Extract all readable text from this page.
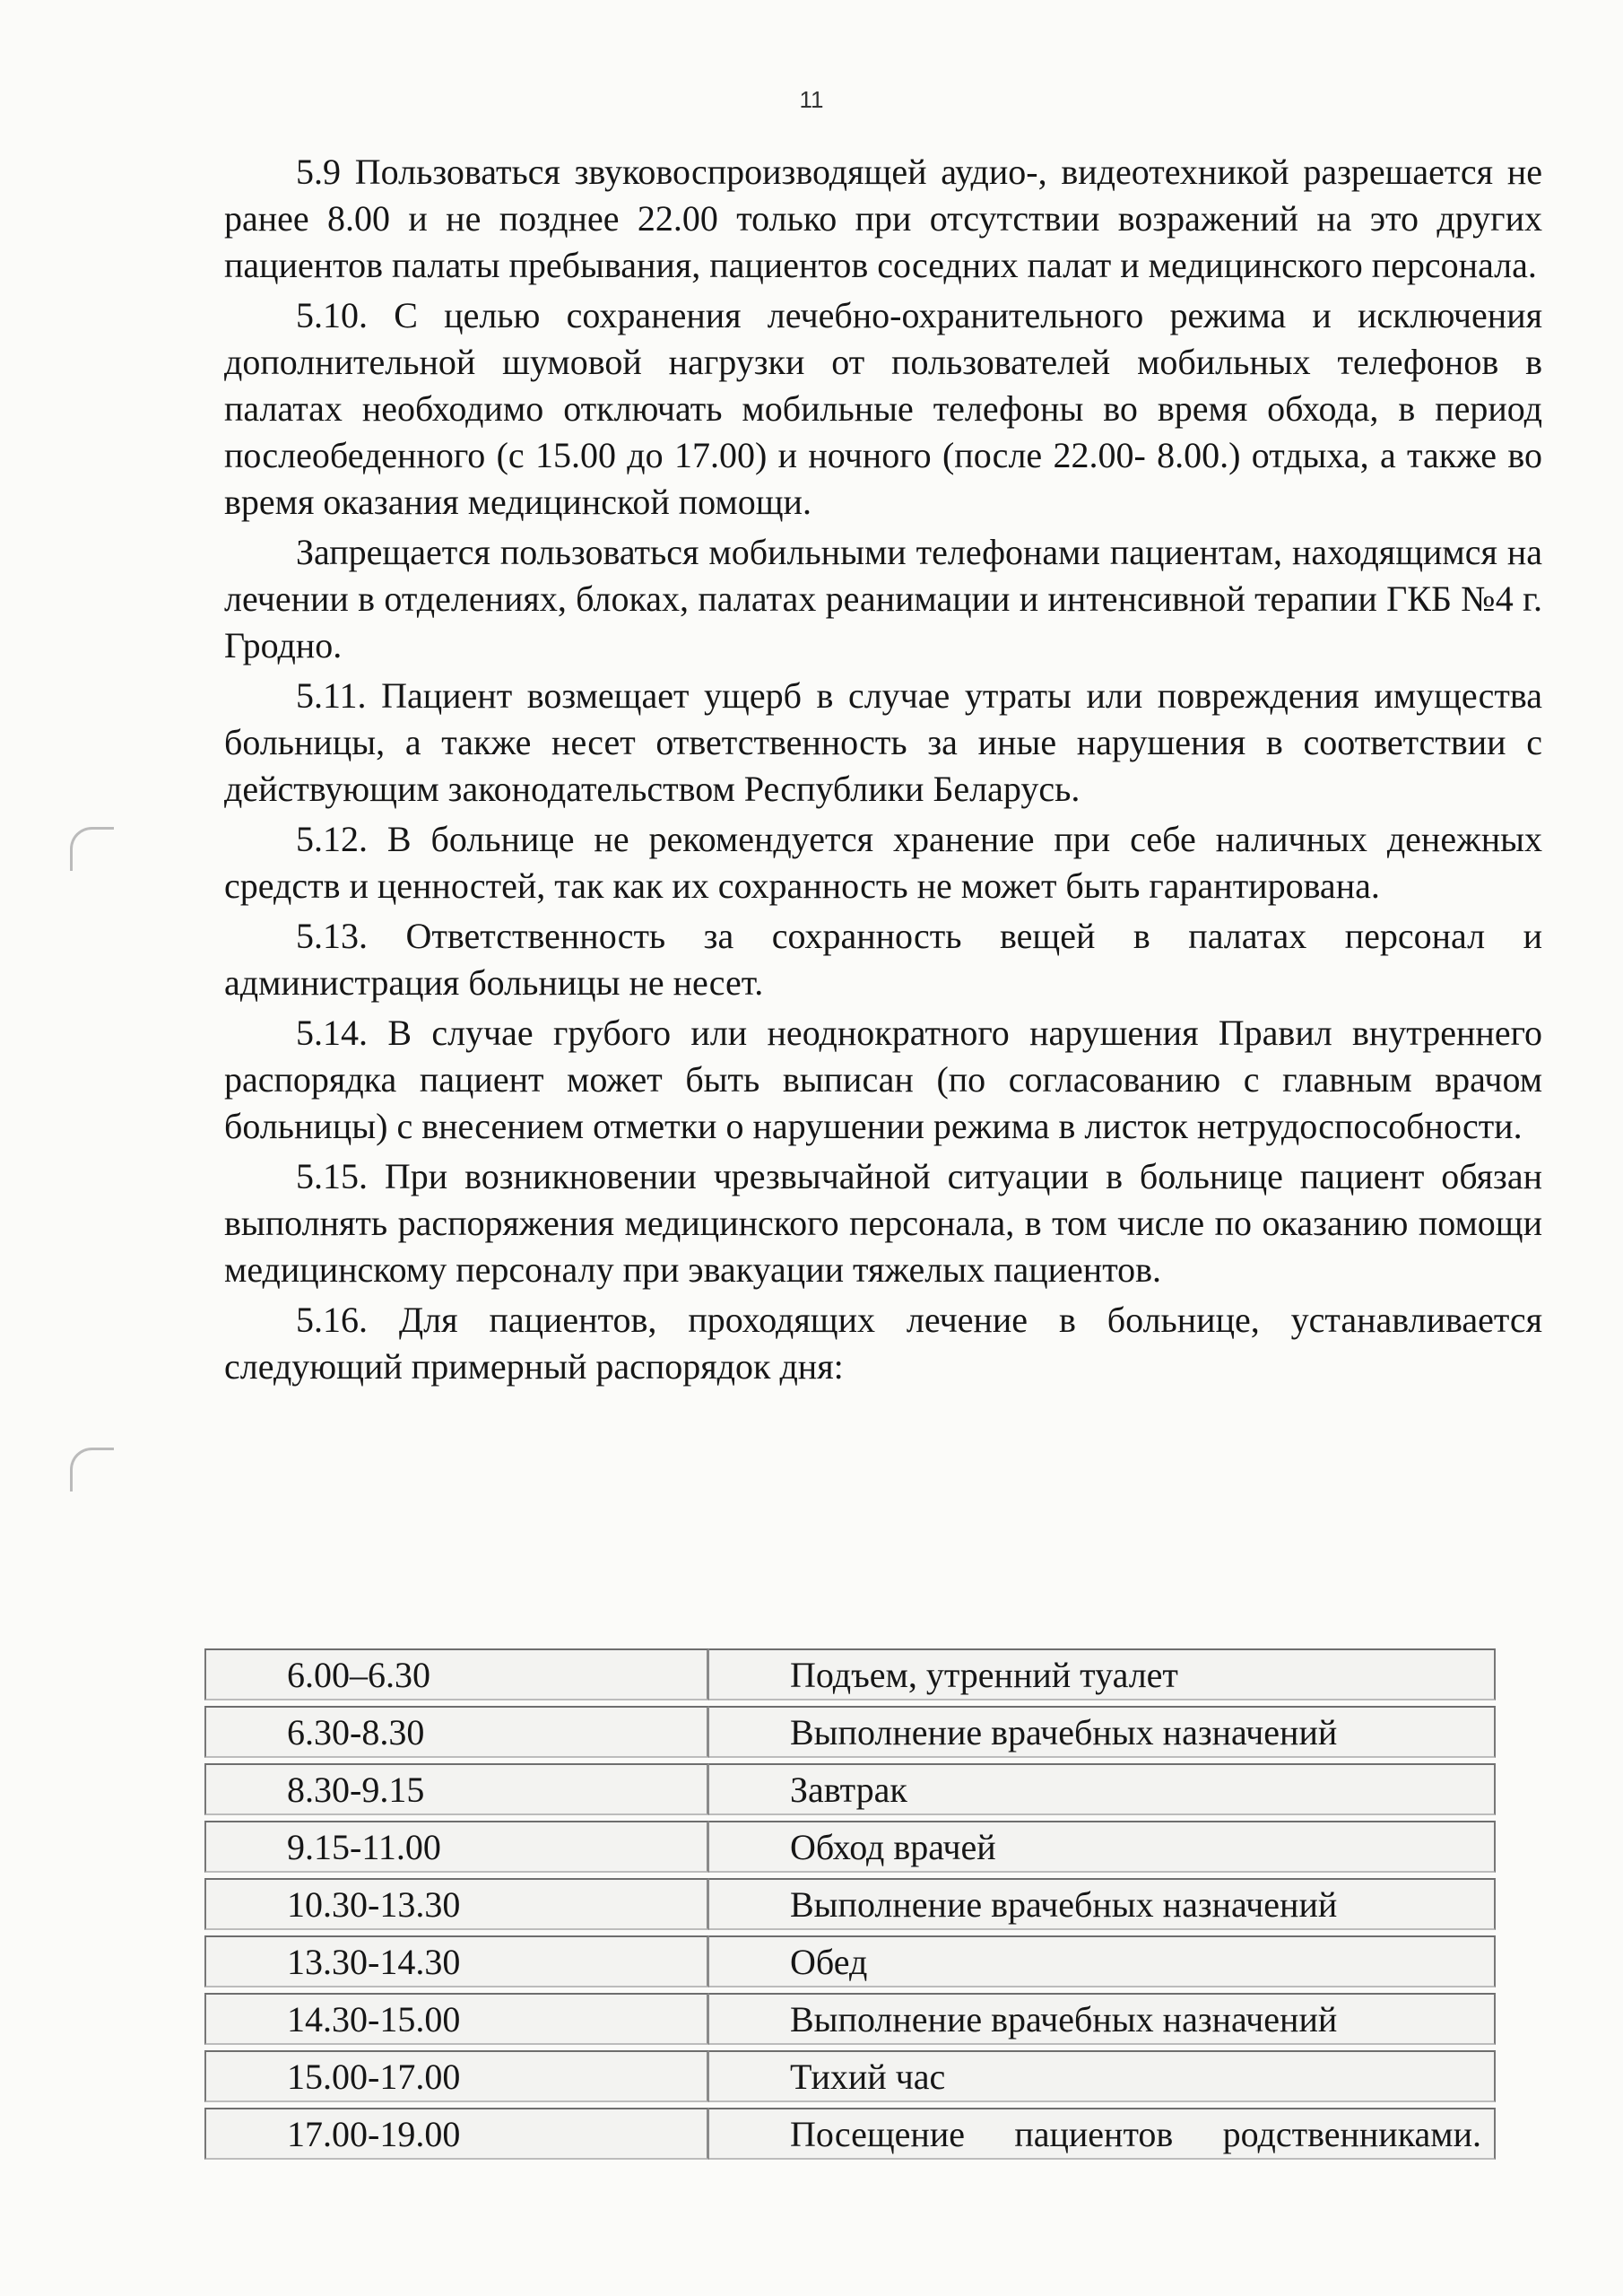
11

5.9 Пользоваться звуковоспроизводящей аудио-, видеотехникой разрешается не ранее 8.00 и не позднее 22.00 только при отсутствии возражений на это других пациентов палаты пребывания, пациентов соседних палат и медицинского персонала.

5.10. С целью сохранения лечебно-охранительного режима и исключения дополнительной шумовой нагрузки от пользователей мобильных телефонов в палатах необходимо отключать мобильные телефоны во время обхода, в период послеобеденного (с 15.00 до 17.00) и ночного (после 22.00- 8.00.) отдыха, а также во время оказания медицинской помощи.

Запрещается пользоваться мобильными телефонами пациентам, находящимся на лечении в отделениях, блоках, палатах реанимации и интенсивной терапии ГКБ №4 г. Гродно.

5.11. Пациент возмещает ущерб в случае утраты или повреждения имущества больницы, а также несет ответственность за иные нарушения в соответствии с действующим законодательством Республики Беларусь.

5.12. В больнице не рекомендуется хранение при себе наличных денежных средств и ценностей, так как их сохранность не может быть гарантирована.

5.13. Ответственность за сохранность вещей в палатах персонал и администрация больницы не несет.

5.14. В случае грубого или неоднократного нарушения Правил внутреннего распорядка пациент может быть выписан (по согласованию с главным врачом больницы) с внесением отметки о нарушении режима в листок нетрудоспособности.

5.15. При возникновении чрезвычайной ситуации в больнице пациент обязан выполнять распоряжения медицинского персонала, в том числе по оказанию помощи медицинскому персоналу при эвакуации тяжелых пациентов.

5.16. Для пациентов, проходящих лечение в больнице, устанавливается следующий примерный распорядок дня:

6.00–6.30	Подъем, утренний туалет
6.30-8.30	Выполнение врачебных назначений
8.30-9.15	Завтрак
9.15-11.00	Обход врачей
10.30-13.30	Выполнение врачебных назначений
13.30-14.30	Обед
14.30-15.00	Выполнение врачебных назначений
15.00-17.00	Тихий час
17.00-19.00	Посещение пациентов родственниками.
